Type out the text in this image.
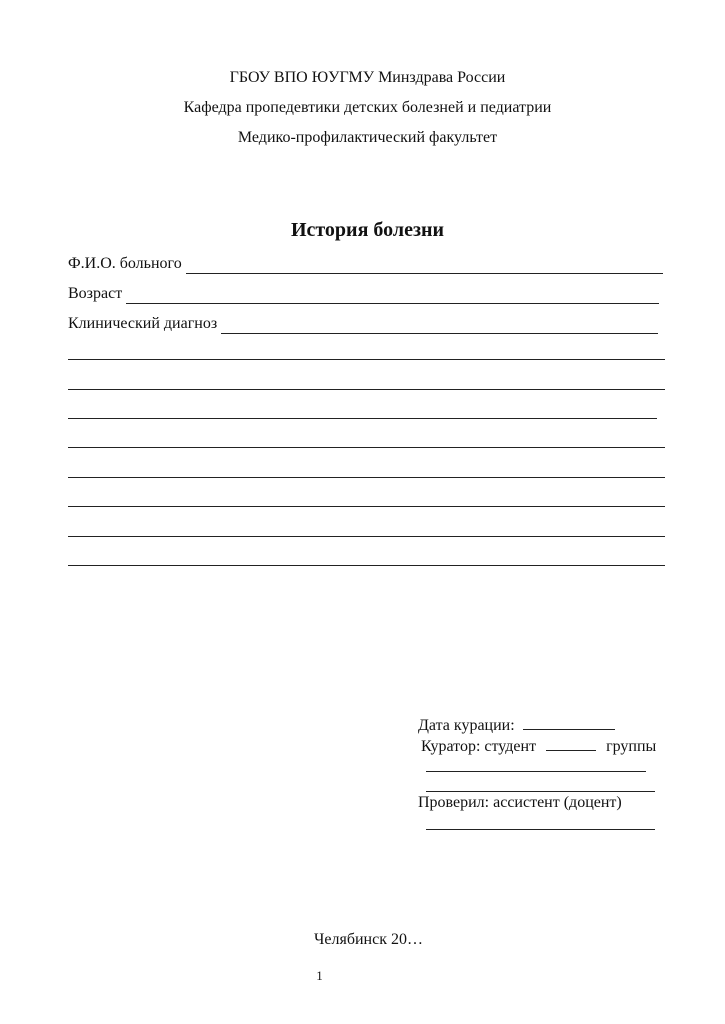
ГБОУ ВПО ЮУГМУ Минздрава России
Кафедра пропедевтики детских болезней и педиатрии
Медико-профилактический факультет
История болезни
Ф.И.О. больного
Возраст
Клинический диагноз
Дата курации:
Куратор: студент	группы
Проверил: ассистент (доцент)
Челябинск 20…
1
